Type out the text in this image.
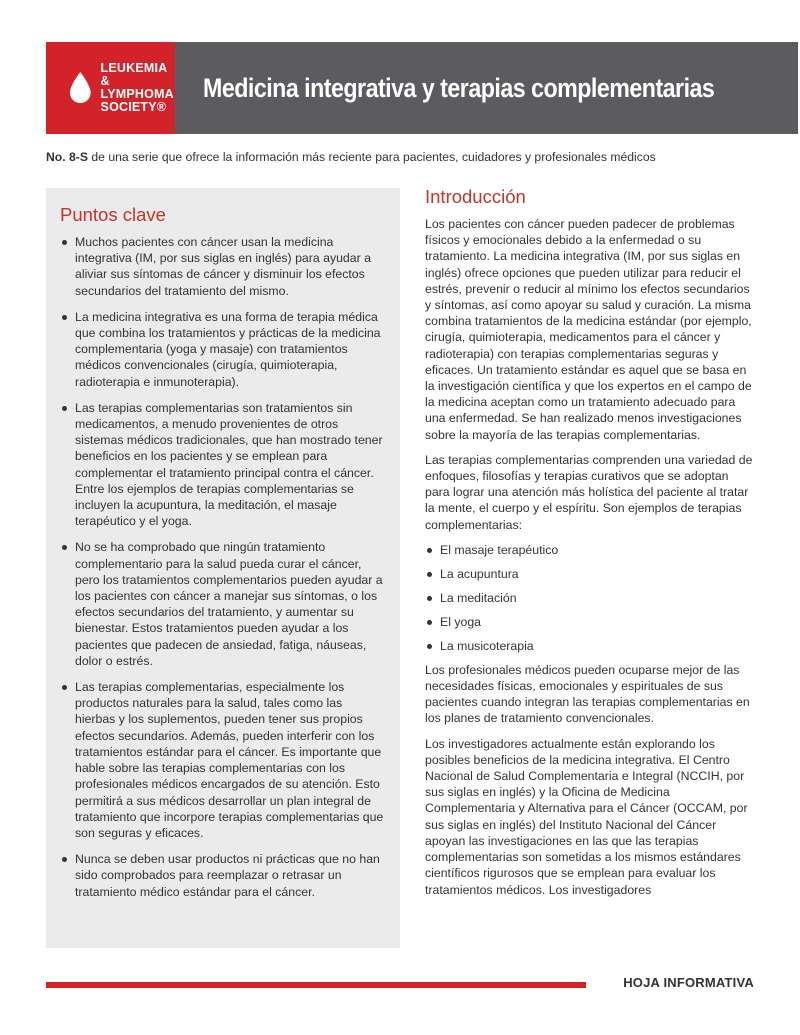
LEUKEMIA &
LYMPHOMA
SOCIETY®
Medicina integrativa y terapias complementarias
No. 8-S de una serie que ofrece la información más reciente para pacientes, cuidadores y profesionales médicos
Puntos clave
Muchos pacientes con cáncer usan la medicina integrativa (IM, por sus siglas en inglés) para ayudar a aliviar sus síntomas de cáncer y disminuir los efectos secundarios del tratamiento del mismo.
La medicina integrativa es una forma de terapia médica que combina los tratamientos y prácticas de la medicina complementaria (yoga y masaje) con tratamientos médicos convencionales (cirugía, quimioterapia, radioterapia e inmunoterapia).
Las terapias complementarias son tratamientos sin medicamentos, a menudo provenientes de otros sistemas médicos tradicionales, que han mostrado tener beneficios en los pacientes y se emplean para complementar el tratamiento principal contra el cáncer. Entre los ejemplos de terapias complementarias se incluyen la acupuntura, la meditación, el masaje terapéutico y el yoga.
No se ha comprobado que ningún tratamiento complementario para la salud pueda curar el cáncer, pero los tratamientos complementarios pueden ayudar a los pacientes con cáncer a manejar sus síntomas, o los efectos secundarios del tratamiento, y aumentar su bienestar. Estos tratamientos pueden ayudar a los pacientes que padecen de ansiedad, fatiga, náuseas, dolor o estrés.
Las terapias complementarias, especialmente los productos naturales para la salud, tales como las hierbas y los suplementos, pueden tener sus propios efectos secundarios. Además, pueden interferir con los tratamientos estándar para el cáncer. Es importante que hable sobre las terapias complementarias con los profesionales médicos encargados de su atención. Esto permitirá a sus médicos desarrollar un plan integral de tratamiento que incorpore terapias complementarias que son seguras y eficaces.
Nunca se deben usar productos ni prácticas que no han sido comprobados para reemplazar o retrasar un tratamiento médico estándar para el cáncer.
Introducción

Los pacientes con cáncer pueden padecer de problemas físicos y emocionales debido a la enfermedad o su tratamiento. La medicina integrativa (IM, por sus siglas en inglés) ofrece opciones que pueden utilizar para reducir el estrés, prevenir o reducir al mínimo los efectos secundarios y síntomas, así como apoyar su salud y curación. La misma combina tratamientos de la medicina estándar (por ejemplo, cirugía, quimioterapia, medicamentos para el cáncer y radioterapia) con terapias complementarias seguras y eficaces. Un tratamiento estándar es aquel que se basa en la investigación científica y que los expertos en el campo de la medicina aceptan como un tratamiento adecuado para una enfermedad. Se han realizado menos investigaciones sobre la mayoría de las terapias complementarias.

Las terapias complementarias comprenden una variedad de enfoques, filosofías y terapias curativos que se adoptan para lograr una atención más holística del paciente al tratar la mente, el cuerpo y el espíritu. Son ejemplos de terapias complementarias:

El masaje terapéutico
La acupuntura
La meditación
El yoga
La musicoterapia

Los profesionales médicos pueden ocuparse mejor de las necesidades físicas, emocionales y espirituales de sus pacientes cuando integran las terapias complementarias en los planes de tratamiento convencionales.

Los investigadores actualmente están explorando los posibles beneficios de la medicina integrativa. El Centro Nacional de Salud Complementaria e Integral (NCCIH, por sus siglas en inglés) y la Oficina de Medicina Complementaria y Alternativa para el Cáncer (OCCAM, por sus siglas en inglés) del Instituto Nacional del Cáncer apoyan las investigaciones en las que las terapias complementarias son sometidas a los mismos estándares científicos rigurosos que se emplean para evaluar los tratamientos médicos. Los investigadores

HOJA INFORMATIVA
